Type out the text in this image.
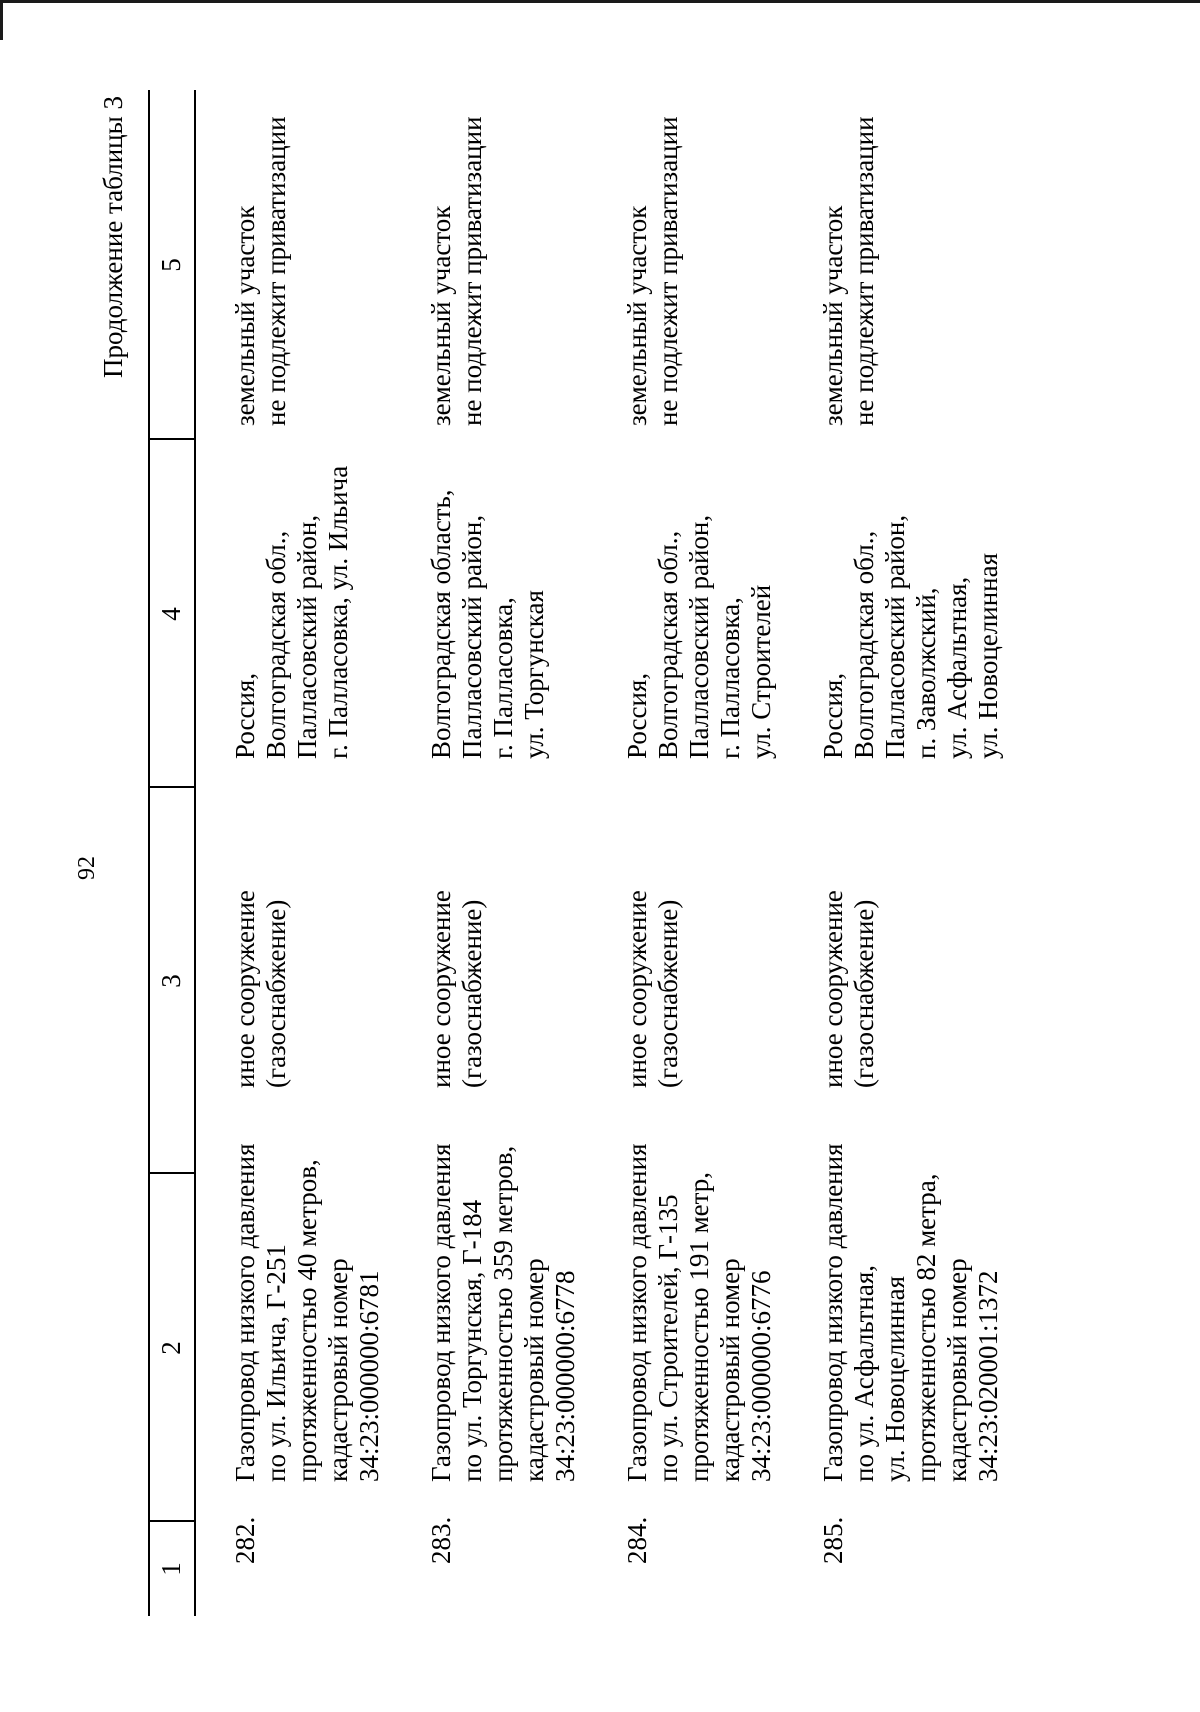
92
Продолжение таблицы 3
1
2
3
4
5
282.
Газопровод низкого давления по ул. Ильича, Г-251 протяженностью 40 метров, кадастровый номер 34:23:000000:6781
иное сооружение (газоснабжение)
Россия, Волгоградская обл., Палласовский район, г. Палласовка, ул. Ильича
земельный участок не подлежит приватизации
283.
Газопровод низкого давления по ул. Торгунская, Г-184 протяженностью 359 метров, кадастровый номер 34:23:000000:6778
иное сооружение (газоснабжение)
Волгоградская область, Палласовский район, г. Палласовка, ул. Торгунская
земельный участок не подлежит приватизации
284.
Газопровод низкого давления по ул. Строителей, Г-135 протяженностью 191 метр, кадастровый номер 34:23:000000:6776
иное сооружение (газоснабжение)
Россия, Волгоградская обл., Палласовский район, г. Палласовка, ул. Строителей
земельный участок не подлежит приватизации
285.
Газопровод низкого давления по ул. Асфальтная, ул. Новоцелинная протяженностью 82 метра, кадастровый номер 34:23:020001:1372
иное сооружение (газоснабжение)
Россия, Волгоградская обл., Палласовский район, п. Заволжский, ул. Асфальтная, ул. Новоцелинная
земельный участок не подлежит приватизации
